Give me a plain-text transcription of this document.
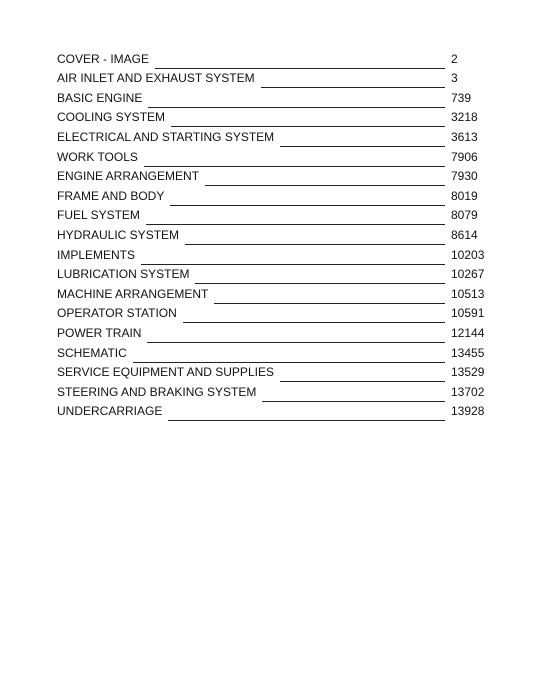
COVER - IMAGE	2
AIR INLET AND EXHAUST SYSTEM	3
BASIC ENGINE	739
COOLING SYSTEM	3218
ELECTRICAL AND STARTING SYSTEM	3613
WORK TOOLS	7906
ENGINE ARRANGEMENT	7930
FRAME AND BODY	8019
FUEL SYSTEM	8079
HYDRAULIC SYSTEM	8614
IMPLEMENTS	10203
LUBRICATION SYSTEM	10267
MACHINE ARRANGEMENT	10513
OPERATOR STATION	10591
POWER TRAIN	12144
SCHEMATIC	13455
SERVICE EQUIPMENT AND SUPPLIES	13529
STEERING AND BRAKING SYSTEM	13702
UNDERCARRIAGE	13928
